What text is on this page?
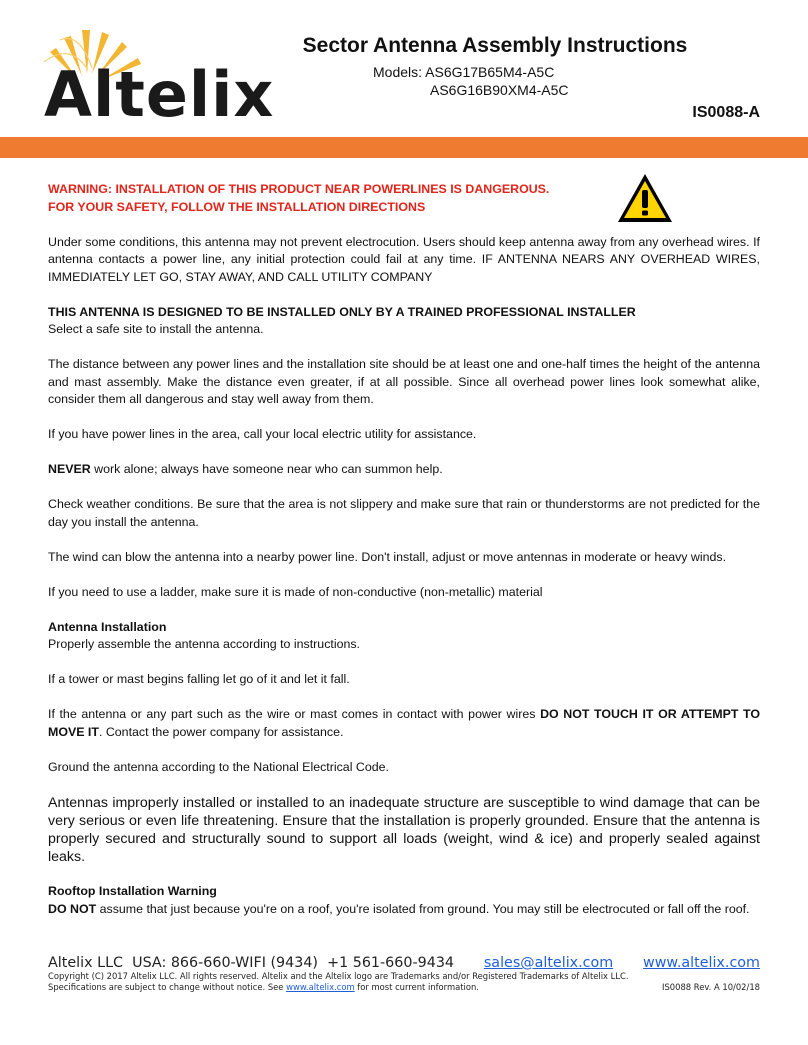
Altelix
Sector Antenna Assembly Instructions
Models: AS6G17B65M4-A5C
AS6G16B90XM4-A5C
IS0088-A
WARNING: INSTALLATION OF THIS PRODUCT NEAR POWERLINES IS DANGEROUS.
FOR YOUR SAFETY, FOLLOW THE INSTALLATION DIRECTIONS

Under some conditions, this antenna may not prevent electrocution. Users should keep antenna away from any overhead wires. If antenna contacts a power line, any initial protection could fail at any time. IF ANTENNA NEARS ANY OVERHEAD WIRES, IMMEDIATELY LET GO, STAY AWAY, AND CALL UTILITY COMPANY

THIS ANTENNA IS DESIGNED TO BE INSTALLED ONLY BY A TRAINED PROFESSIONAL INSTALLER

Select a safe site to install the antenna.

The distance between any power lines and the installation site should be at least one and one-half times the height of the antenna and mast assembly. Make the distance even greater, if at all possible. Since all overhead power lines look somewhat alike, consider them all dangerous and stay well away from them.

If you have power lines in the area, call your local electric utility for assistance.

NEVER work alone; always have someone near who can summon help.

Check weather conditions. Be sure that the area is not slippery and make sure that rain or thunderstorms are not predicted for the day you install the antenna.

The wind can blow the antenna into a nearby power line. Don't install, adjust or move antennas in moderate or heavy winds.

If you need to use a ladder, make sure it is made of non-conductive (non-metallic) material

Antenna Installation

Properly assemble the antenna according to instructions.

If a tower or mast begins falling let go of it and let it fall.

If the antenna or any part such as the wire or mast comes in contact with power wires DO NOT TOUCH IT OR ATTEMPT TO MOVE IT. Contact the power company for assistance.

Ground the antenna according to the National Electrical Code.

Antennas improperly installed or installed to an inadequate structure are susceptible to wind damage that can be very serious or even life threatening. Ensure that the installation is properly grounded. Ensure that the antenna is properly secured and structurally sound to support all loads (weight, wind & ice) and properly sealed against leaks.

Rooftop Installation Warning

DO NOT assume that just because you're on a roof, you're isolated from ground. You may still be electrocuted or fall off the roof.

Altelix LLC USA: 866-660-WIFI (9434) +1 561-660-9434 sales@altelix.com www.altelix.com
Copyright (C) 2017 Altelix LLC. All rights reserved. Altelix and the Altelix logo are Trademarks and/or Registered Trademarks of Altelix LLC.
Specifications are subject to change without notice. See www.altelix.com for most current information.	IS0088 Rev. A 10/02/18
